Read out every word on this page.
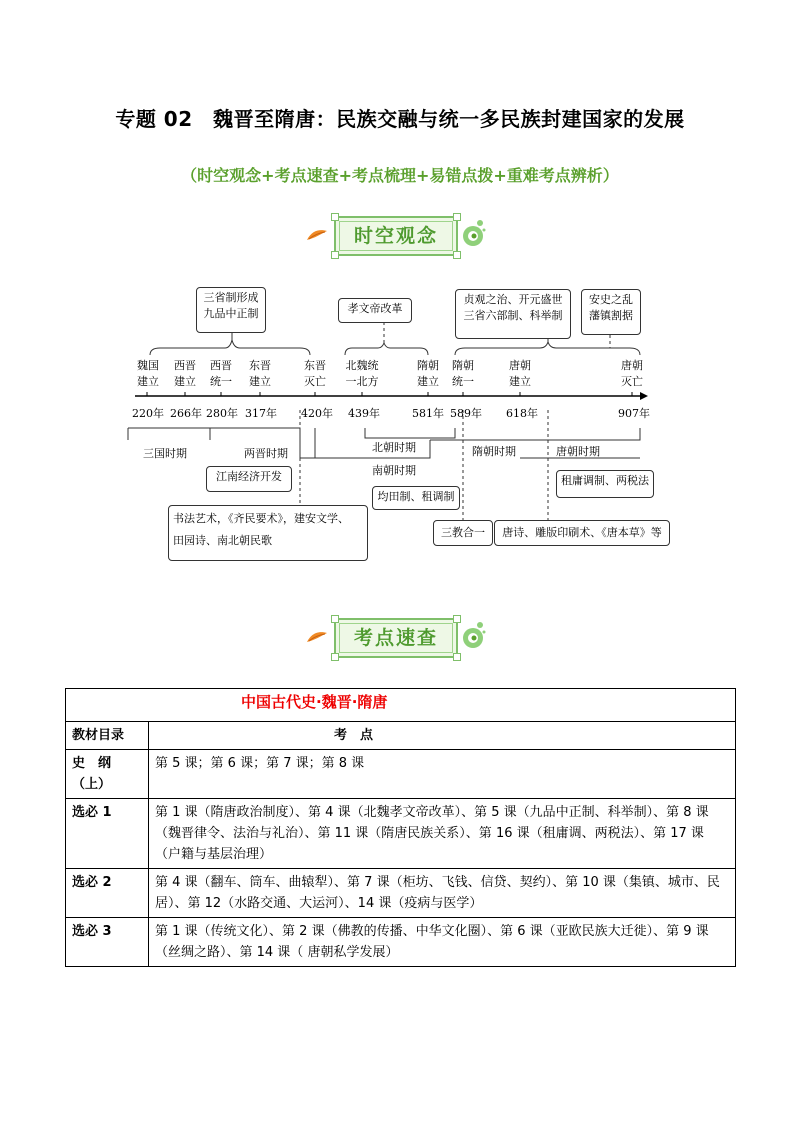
专题 02　魏晋至隋唐：民族交融与统一多民族封建国家的发展
（时空观念+考点速查+考点梳理+易错点拨+重难考点辨析）
时空观念
三省制形成
九品中正制	孝文帝改革
贞观之治、开元盛世
三省六部制、科举制
安史之乱
藩镇割据
魏国
建立
西晋
建立
西晋
统一
东晋
建立
东晋
灭亡
北魏统
一北方
隋朝
建立
隋朝
统一
唐朝
建立
唐朝
灭亡
220年 266年 280年 317年 420年 439年	581年 589年 618年	907年
三国时期	两晋时期	北朝时期
南朝时期
隋朝时期	唐朝时期
江南经济开发
均田制、租调制
租庸调制、两税法
书法艺术，《齐民要术》，建安文学、
田园诗、南北朝民歌
三教合一	唐诗、雕版印刷术、《唐本草》等
考点速查
中国古代史·魏晋·隋唐	
教材目录	考　点
史　纲（上）	第 5 课；第 6 课；第 7 课；第 8 课
选必 1	第 1 课（隋唐政治制度）、第 4 课（北魏孝文帝改革）、第 5 课（九品中正制、科举制）、第 8 课（魏晋律令、法治与礼治）、第 11 课（隋唐民族关系）、第 16 课（租庸调、两税法）、第 17 课（户籍与基层治理）
选必 2	第 4 课（翻车、筒车、曲辕犁）、第 7 课（柜坊、飞钱、信贷、契约）、第 10 课（集镇、城市、民居）、第 12（水路交通、大运河）、14 课（疫病与医学）
选必 3	第 1 课（传统文化）、第 2 课（佛教的传播、中华文化圈）、第 6 课（亚欧民族大迁徙）、第 9 课（丝绸之路）、第 14 课（ 唐朝私学发展）
